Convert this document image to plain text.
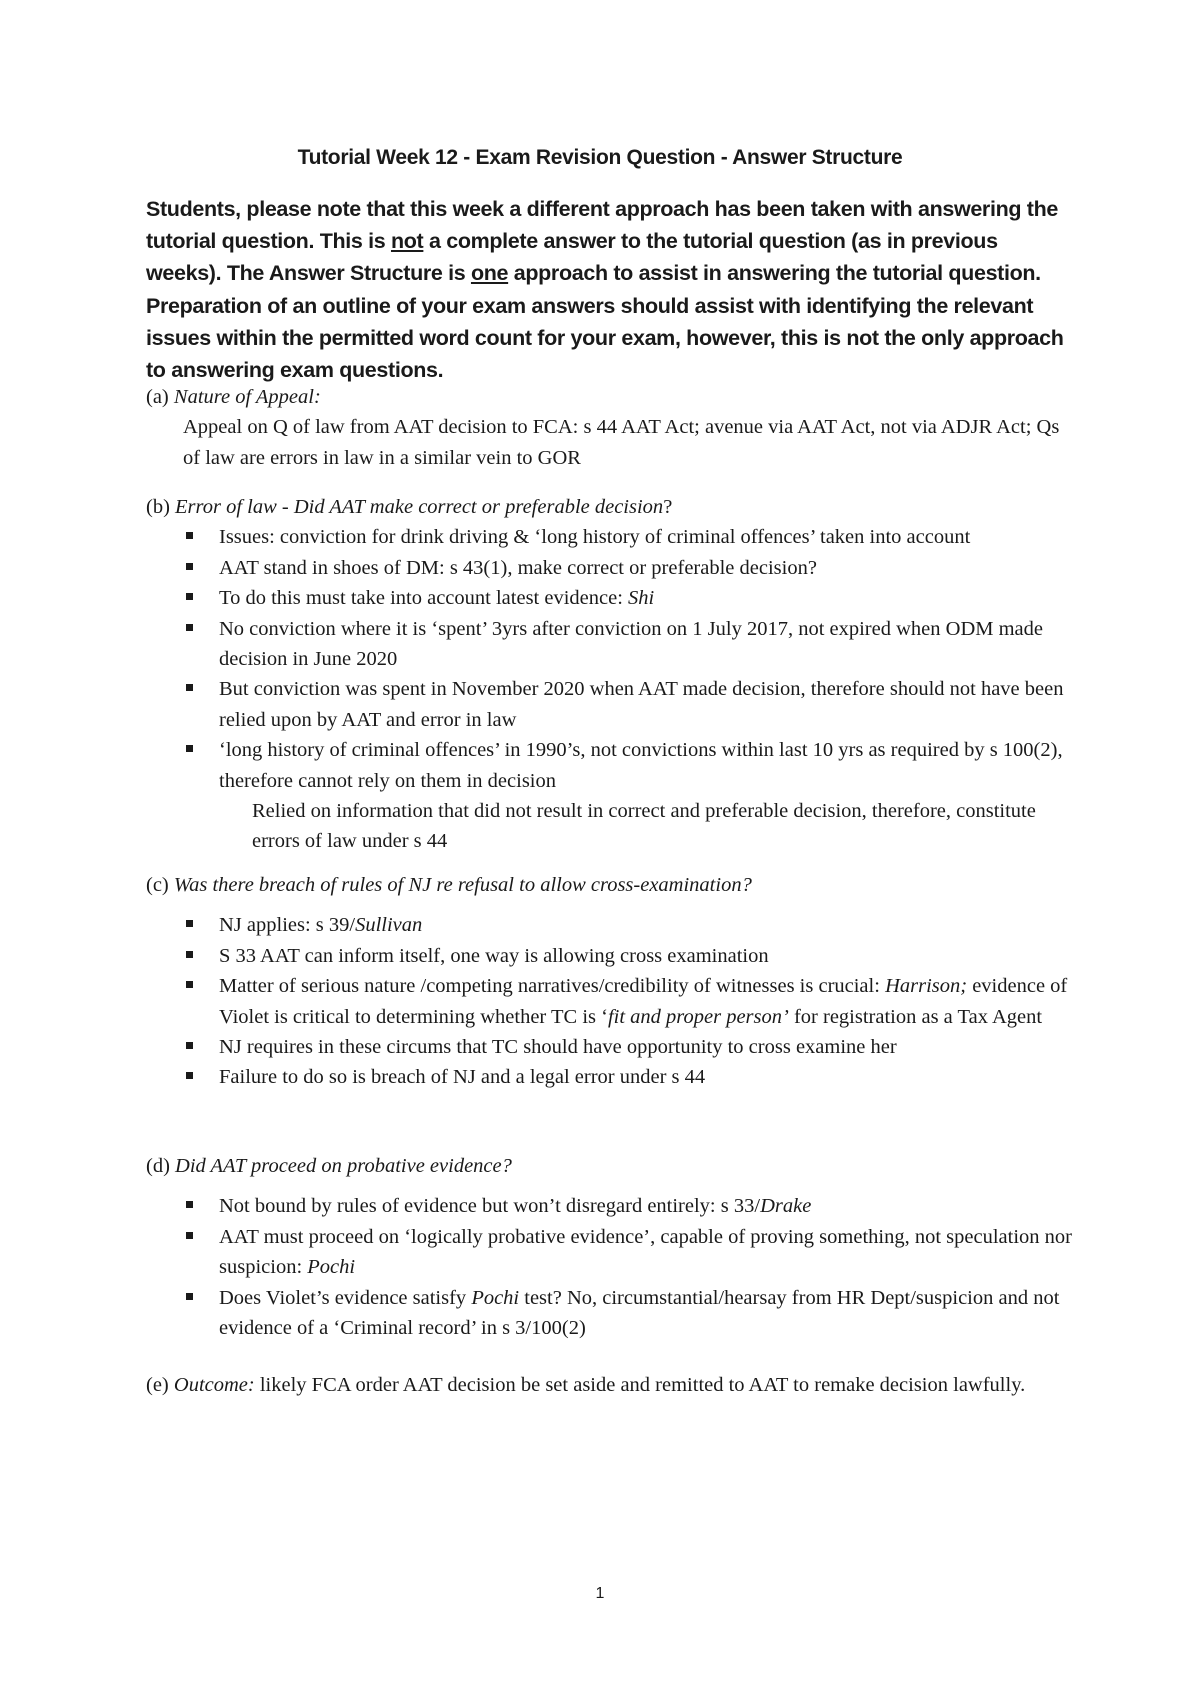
Tutorial Week 12 - Exam Revision Question - Answer Structure
Students, please note that this week a different approach has been taken with answering the tutorial question. This is not a complete answer to the tutorial question (as in previous weeks). The Answer Structure is one approach to assist in answering the tutorial question. Preparation of an outline of your exam answers should assist with identifying the relevant issues within the permitted word count for your exam, however, this is not the only approach to answering exam questions.
(a) Nature of Appeal:
Appeal on Q of law from AAT decision to FCA: s 44 AAT Act; avenue via AAT Act, not via ADJR Act; Qs of law are errors in law in a similar vein to GOR
(b) Error of law - Did AAT make correct or preferable decision?
Issues: conviction for drink driving & ‘long history of criminal offences’ taken into account
AAT stand in shoes of DM: s 43(1), make correct or preferable decision?
To do this must take into account latest evidence: Shi
No conviction where it is ‘spent’ 3yrs after conviction on 1 July 2017, not expired when ODM made decision in June 2020
But conviction was spent in November 2020 when AAT made decision, therefore should not have been relied upon by AAT and error in law
‘long history of criminal offences’ in 1990’s, not convictions within last 10 yrs as required by s 100(2), therefore cannot rely on them in decision
Relied on information that did not result in correct and preferable decision, therefore, constitute errors of law under s 44
(c) Was there breach of rules of NJ re refusal to allow cross-examination?
NJ applies: s 39/Sullivan
S 33 AAT can inform itself, one way is allowing cross examination
Matter of serious nature /competing narratives/credibility of witnesses is crucial: Harrison; evidence of Violet is critical to determining whether TC is ‘fit and proper person’ for registration as a Tax Agent
NJ requires in these circums that TC should have opportunity to cross examine her
Failure to do so is breach of NJ and a legal error under s 44
(d) Did AAT proceed on probative evidence?
Not bound by rules of evidence but won’t disregard entirely: s 33/Drake
AAT must proceed on ‘logically probative evidence’, capable of proving something, not speculation nor suspicion: Pochi
Does Violet’s evidence satisfy Pochi test? No, circumstantial/hearsay from HR Dept/suspicion and not evidence of a ‘Criminal record’ in s 3/100(2)
(e) Outcome: likely FCA order AAT decision be set aside and remitted to AAT to remake decision lawfully.
1
